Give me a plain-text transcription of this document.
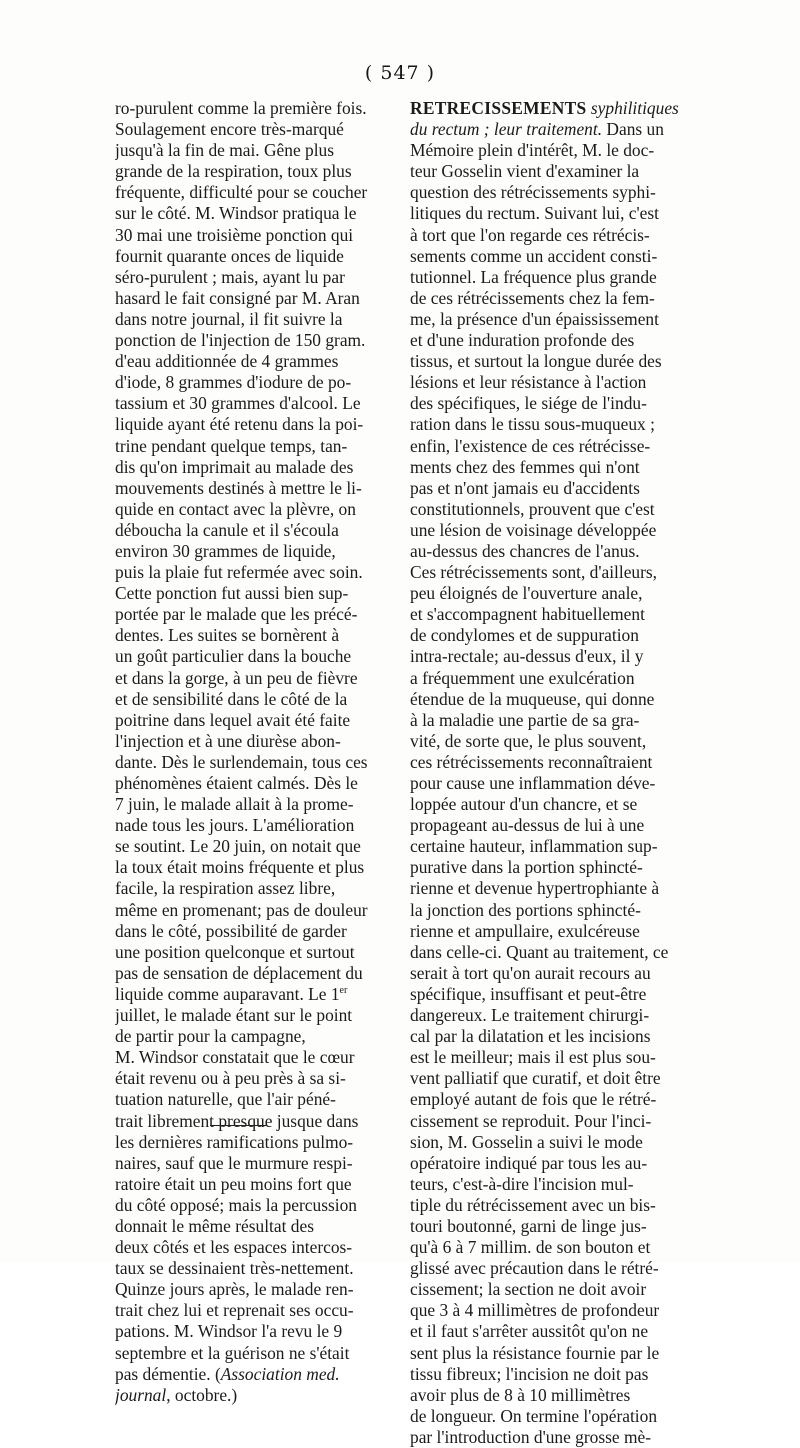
( 547 )
ro-purulent comme la première fois.
Soulagement encore très-marqué
jusqu'à la fin de mai. Gêne plus
grande de la respiration, toux plus
fréquente, difficulté pour se coucher
sur le côté. M. Windsor pratiqua le
30 mai une troisième ponction qui
fournit quarante onces de liquide
séro-purulent ; mais, ayant lu par
hasard le fait consigné par M. Aran
dans notre journal, il fit suivre la
ponction de l'injection de 150 gram.
d'eau additionnée de 4 grammes
d'iode, 8 grammes d'iodure de po-
tassium et 30 grammes d'alcool. Le
liquide ayant été retenu dans la poi-
trine pendant quelque temps, tan-
dis qu'on imprimait au malade des
mouvements destinés à mettre le li-
quide en contact avec la plèvre, on
déboucha la canule et il s'écoula
environ 30 grammes de liquide,
puis la plaie fut refermée avec soin.
Cette ponction fut aussi bien sup-
portée par le malade que les précé-
dentes. Les suites se bornèrent à
un goût particulier dans la bouche
et dans la gorge, à un peu de fièvre
et de sensibilité dans le côté de la
poitrine dans lequel avait été faite
l'injection et à une diurèse abon-
dante. Dès le surlendemain, tous ces
phénomènes étaient calmés. Dès le
7 juin, le malade allait à la prome-
nade tous les jours. L'amélioration
se soutint. Le 20 juin, on notait que
la toux était moins fréquente et plus
facile, la respiration assez libre,
même en promenant; pas de douleur
dans le côté, possibilité de garder
une position quelconque et surtout
pas de sensation de déplacement du
liquide comme auparavant. Le 1er
juillet, le malade étant sur le point
de partir pour la campagne,
M. Windsor constatait que le cœur
était revenu ou à peu près à sa si-
tuation naturelle, que l'air péné-
trait librement presque jusque dans
les dernières ramifications pulmo-
naires, sauf que le murmure respi-
ratoire était un peu moins fort que
du côté opposé; mais la percussion
donnait le même résultat des
deux côtés et les espaces intercos-
taux se dessinaient très-nettement.
Quinze jours après, le malade ren-
trait chez lui et reprenait ses occu-
pations. M. Windsor l'a revu le 9
septembre et la guérison ne s'était
pas démentie. (Association med.
journal, octobre.)
RETRECISSEMENTS syphilitiques
du rectum ; leur traitement. Dans un
Mémoire plein d'intérêt, M. le doc-
teur Gosselin vient d'examiner la
question des rétrécissements syphi-
litiques du rectum. Suivant lui, c'est
à tort que l'on regarde ces rétrécis-
sements comme un accident consti-
tutionnel. La fréquence plus grande
de ces rétrécissements chez la fem-
me, la présence d'un épaississement
et d'une induration profonde des
tissus, et surtout la longue durée des
lésions et leur résistance à l'action
des spécifiques, le siége de l'indu-
ration dans le tissu sous-muqueux ;
enfin, l'existence de ces rétrécisse-
ments chez des femmes qui n'ont
pas et n'ont jamais eu d'accidents
constitutionnels, prouvent que c'est
une lésion de voisinage développée
au-dessus des chancres de l'anus.
Ces rétrécissements sont, d'ailleurs,
peu éloignés de l'ouverture anale,
et s'accompagnent habituellement
de condylomes et de suppuration
intra-rectale; au-dessus d'eux, il y
a fréquemment une exulcération
étendue de la muqueuse, qui donne
à la maladie une partie de sa gra-
vité, de sorte que, le plus souvent,
ces rétrécissements reconnaîtraient
pour cause une inflammation déve-
loppée autour d'un chancre, et se
propageant au-dessus de lui à une
certaine hauteur, inflammation sup-
purative dans la portion sphincté-
rienne et devenue hypertrophiante à
la jonction des portions sphincté-
rienne et ampullaire, exulcéreuse
dans celle-ci. Quant au traitement, ce
serait à tort qu'on aurait recours au
spécifique, insuffisant et peut-être
dangereux. Le traitement chirurgi-
cal par la dilatation et les incisions
est le meilleur; mais il est plus sou-
vent palliatif que curatif, et doit être
employé autant de fois que le rétré-
cissement se reproduit. Pour l'inci-
sion, M. Gosselin a suivi le mode
opératoire indiqué par tous les au-
teurs, c'est-à-dire l'incision mul-
tiple du rétrécissement avec un bis-
touri boutonné, garni de linge jus-
qu'à 6 à 7 millim. de son bouton et
glissé avec précaution dans le rétré-
cissement; la section ne doit avoir
que 3 à 4 millimètres de profondeur
et il faut s'arrêter aussitôt qu'on ne
sent plus la résistance fournie par le
tissu fibreux; l'incision ne doit pas
avoir plus de 8 à 10 millimètres
de longueur. On termine l'opération
par l'introduction d'une grosse mè-
